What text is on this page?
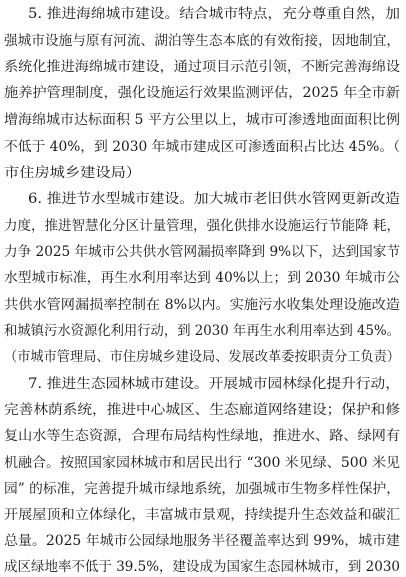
5. 推进海绵城市建设。结合城市特点，充分尊重自然，加
强城市设施与原有河流、湖泊等生态本底的有效衔接，因地制宜，
系统化推进海绵城市建设，通过项目示范引领，不断完善海绵设
施养护管理制度，强化设施运行效果监测评估，2025 年全市新
增海绵城市达标面积 5 平方公里以上，城市可渗透地面面积比例
不低于 40%，到 2030 年城市建成区可渗透面积占比达 45%。（
市住房城乡建设局）
6. 推进节水型城市建设。加大城市老旧供水管网更新改造
力度，推进智慧化分区计量管理，强化供排水设施运行节能降 耗，
力争 2025 年城市公共供水管网漏损率降到 9%以下，达到国家节
水型城市标准，再生水利用率达到 40%以上；到 2030 年城市公
共供水管网漏损率控制在 8%以内。实施污水收集处理设施改造
和城镇污水资源化利用行动，到 2030 年再生水利用率达到 45%。
（市城市管理局、市住房城乡建设局、发展改革委按职责分工负责）
7. 推进生态园林城市建设。开展城市园林绿化提升行动，
完善林荫系统，推进中心城区、生态廊道网络建设；保护和修
复山水等生态资源，合理布局结构性绿地，推进水、路、绿网有
机融合。按照国家园林城市和居民出行 “300 米见绿、500 米见
园” 的标准，完善提升城市绿地系统，加强城市生物多样性保护，
开展屋顶和立体绿化，丰富城市景观，持续提升生态效益和碳汇
总量。2025 年城市公园绿地服务半径覆盖率达到 99%，城市建
成区绿地率不低于 39.5%，建设成为国家生态园林城市，到 2030
